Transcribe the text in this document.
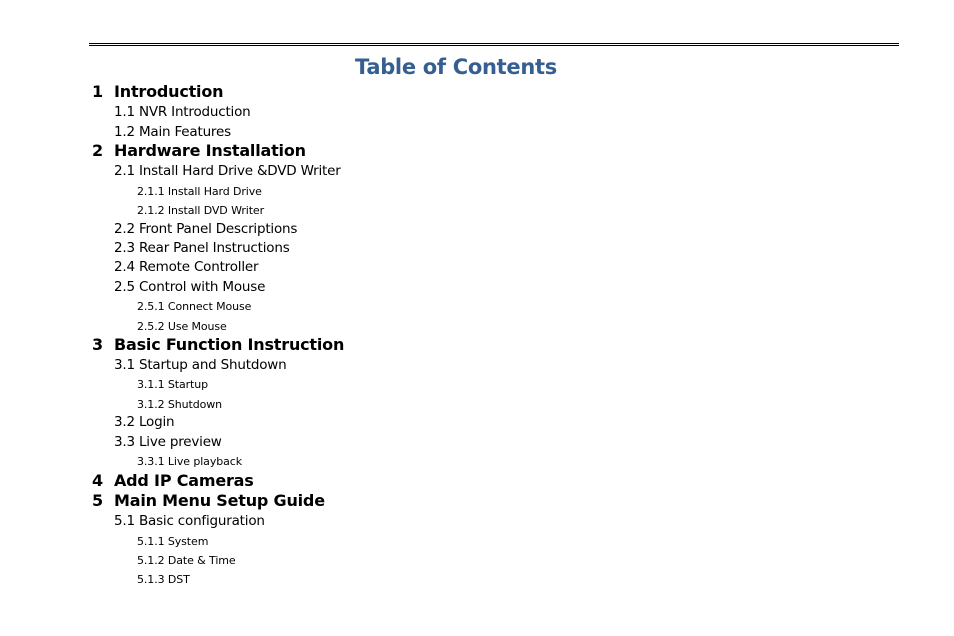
Table of Contents
1 Introduction
1.1 NVR Introduction
1.2 Main Features
2 Hardware Installation
2.1 Install Hard Drive &DVD Writer
2.1.1 Install Hard Drive
2.1.2 Install DVD Writer
2.2 Front Panel Descriptions
2.3 Rear Panel Instructions
2.4 Remote Controller
2.5 Control with Mouse
2.5.1 Connect Mouse
2.5.2 Use Mouse
3 Basic Function Instruction
3.1 Startup and Shutdown
3.1.1 Startup
3.1.2 Shutdown
3.2 Login
3.3 Live preview
3.3.1 Live playback
4 Add IP Cameras
5 Main Menu Setup Guide
5.1 Basic configuration
5.1.1 System
5.1.2 Date & Time
5.1.3 DST
